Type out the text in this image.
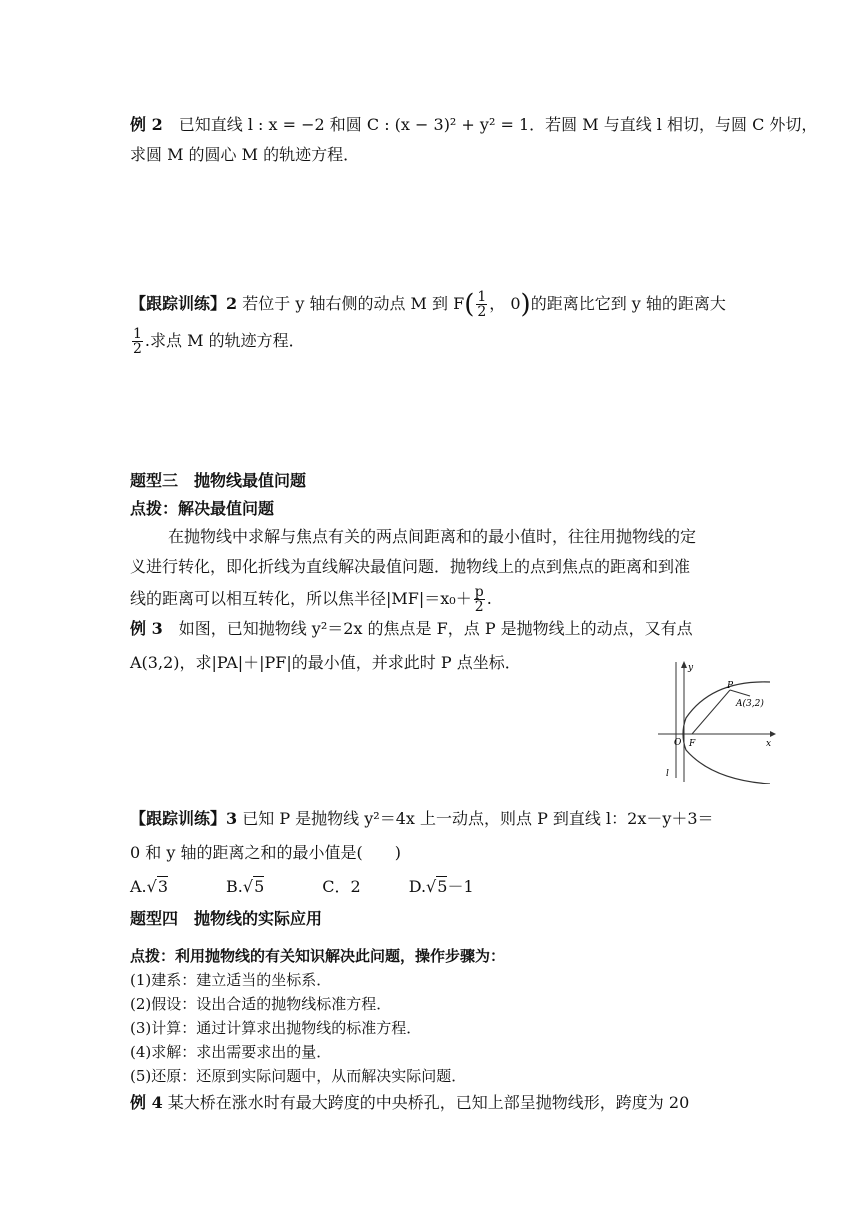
例 2　 已知直线 l : x = −2 和圆 C : (x − 3)² + y² = 1．若圆 M 与直线 l 相切，与圆 C 外切，
求圆 M 的圆心 M 的轨迹方程．
【跟踪训练】2 若位于 y 轴右侧的动点 M 到 $F( \frac{1}{2}$ ， 0)的距离比它到 y 轴的距离大
$\frac{1}{2}$ .求点 M 的轨迹方程．
题型三　抛物线最值问题
点拨：解决最值问题
在抛物线中求解与焦点有关的两点间距离和的最小值时，往往用抛物线的定
义进行转化，即化折线为直线解决最值问题．抛物线上的点到焦点的距离和到准
线的距离可以相互转化，所以焦半径$|MF|=x_0+ \frac{p}{2}$ .
例 3　如图，已知抛物线 y²＝2x 的焦点是 F，点 P 是抛物线上的动点，又有点
A(3,2)，求|PA|＋|PF|的最小值，并求此时 P 点坐标．	y
x
O F
P
A(3,2)
l
【跟踪训练】3 已知 P 是抛物线 y²＝4x 上一动点，则点 P 到直线 l：2x－y＋3＝
0 和 y 轴的距离之和的最小值是(　　)
A.√3	B.√5	C．2	D.√5－1
题型四　抛物线的实际应用
点拨：利用抛物线的有关知识解决此问题，操作步骤为：
(1)建系：建立适当的坐标系．
(2)假设：设出合适的抛物线标准方程．
(3)计算：通过计算求出抛物线的标准方程．
(4)求解：求出需要求出的量．
(5)还原：还原到实际问题中，从而解决实际问题．
例 4 某大桥在涨水时有最大跨度的中央桥孔，已知上部呈抛物线形，跨度为 20
